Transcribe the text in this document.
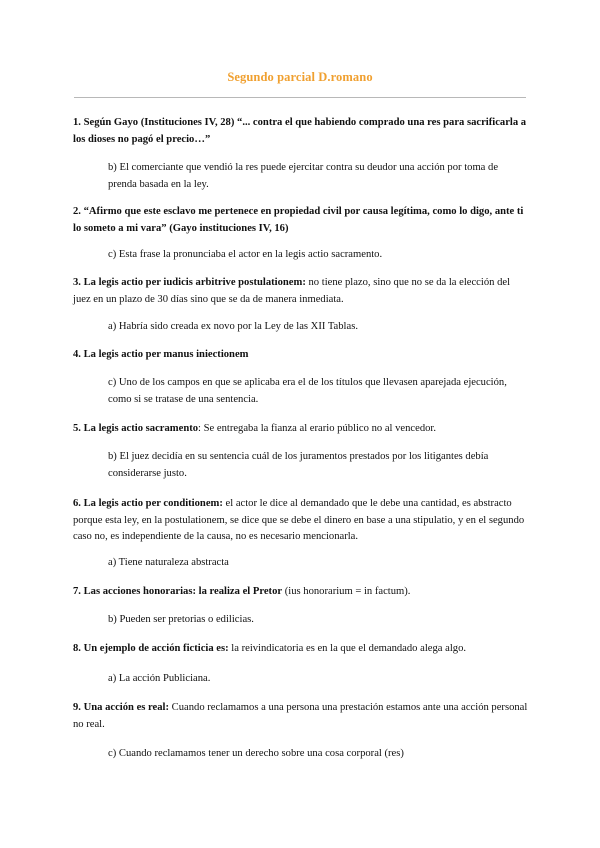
Segundo parcial D.romano
1. Según Gayo (Instituciones IV, 28) “... contra el que habiendo comprado una res para sacrificarla a los dioses no pagó el precio…”
b) El comerciante que vendió la res puede ejercitar contra su deudor una acción por toma de prenda basada en la ley.
2. “Afirmo que este esclavo me pertenece en propiedad civil por causa legítima, como lo digo, ante ti lo someto a mi vara” (Gayo instituciones IV, 16)
c) Esta frase la pronunciaba el actor en la legis actio sacramento.
3. La legis actio per iudicis arbitrive postulationem: no tiene plazo, sino que no se da la elección del juez en un plazo de 30 días sino que se da de manera inmediata.
a) Habría sido creada ex novo por la Ley de las XII Tablas.
4. La legis actio per manus iniectionem
c) Uno de los campos en que se aplicaba era el de los títulos que llevasen aparejada ejecución, como si se tratase de una sentencia.
5. La legis actio sacramento: Se entregaba la fianza al erario público no al vencedor.
b) El juez decidía en su sentencia cuál de los juramentos prestados por los litigantes debía considerarse justo.
6. La legis actio per conditionem: el actor le dice al demandado que le debe una cantidad, es abstracto porque esta ley, en la postulationem, se dice que se debe el dinero en base a una stipulatio, y en el segundo caso no, es independiente de la causa, no es necesario mencionarla.
a) Tiene naturaleza abstracta
7. Las acciones honorarias: la realiza el Pretor (ius honorarium = in factum).
b) Pueden ser pretorias o edilicias.
8. Un ejemplo de acción ficticia es: la reivindicatoria es en la que el demandado alega algo.
a) La acción Publiciana.
9. Una acción es real: Cuando reclamamos a una persona una prestación estamos ante una acción personal no real.
c) Cuando reclamamos tener un derecho sobre una cosa corporal (res)
